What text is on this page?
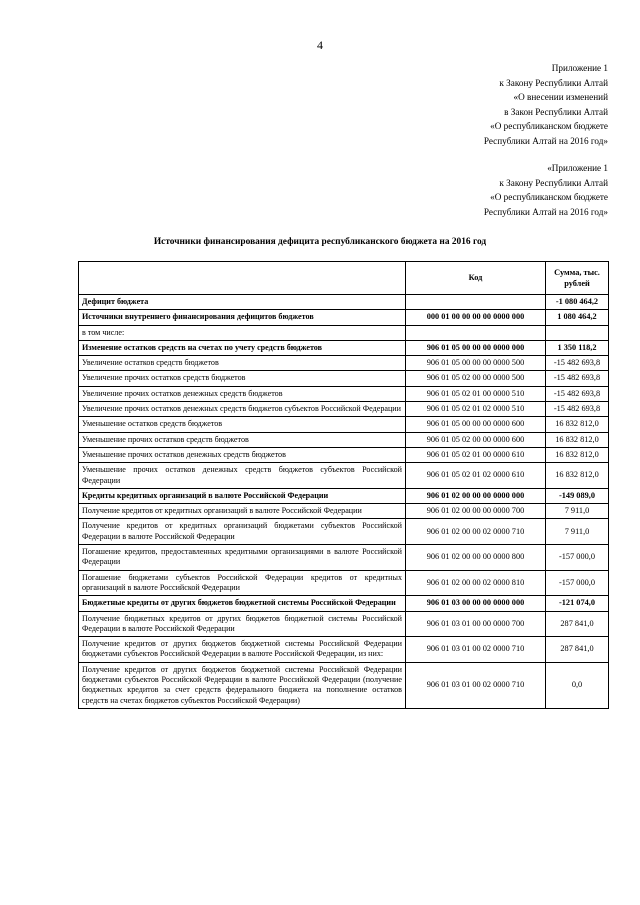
4
Приложение 1
к Закону Республики Алтай
«О внесении изменений
в Закон Республики Алтай
«О республиканском бюджете
Республики Алтай на 2016 год»
«Приложение 1
к Закону Республики Алтай
«О республиканском бюджете
Республики Алтай на 2016 год»
Источники финансирования дефицита республиканского бюджета на 2016 год
	Код	Сумма, тыс. рублей
Дефицит бюджета		-1 080 464,2
Источники внутреннего финансирования дефицитов бюджетов	000 01 00 00 00 00 0000 000	1 080 464,2
в том числе:		
Изменение остатков средств на счетах по учету средств бюджетов	906 01 05 00 00 00 0000 000	1 350 118,2
Увеличение остатков средств бюджетов	906 01 05 00 00 00 0000 500	-15 482 693,8
Увеличение прочих остатков средств бюджетов	906 01 05 02 00 00 0000 500	-15 482 693,8
Увеличение прочих остатков денежных средств бюджетов	906 01 05 02 01 00 0000 510	-15 482 693,8
Увеличение прочих остатков денежных средств бюджетов субъектов Российской Федерации	906 01 05 02 01 02 0000 510	-15 482 693,8
Уменьшение остатков средств бюджетов	906 01 05 00 00 00 0000 600	16 832 812,0
Уменьшение прочих остатков средств бюджетов	906 01 05 02 00 00 0000 600	16 832 812,0
Уменьшение прочих остатков денежных средств бюджетов	906 01 05 02 01 00 0000 610	16 832 812,0
Уменьшение прочих остатков денежных средств бюджетов субъектов Российской Федерации	906 01 05 02 01 02 0000 610	16 832 812,0
Кредиты кредитных организаций в валюте Российской Федерации	906 01 02 00 00 00 0000 000	-149 089,0
Получение кредитов от кредитных организаций в валюте Российской Федерации	906 01 02 00 00 00 0000 700	7 911,0
Получение кредитов от кредитных организаций бюджетами субъектов Российской Федерации в валюте Российской Федерации	906 01 02 00 00 02 0000 710	7 911,0
Погашение кредитов, предоставленных кредитными организациями в валюте Российской Федерации	906 01 02 00 00 00 0000 800	-157 000,0
Погашение бюджетами субъектов Российской Федерации кредитов от кредитных организаций в валюте Российской Федерации	906 01 02 00 00 02 0000 810	-157 000,0
Бюджетные кредиты от других бюджетов бюджетной системы Российской Федерации	906 01 03 00 00 00 0000 000	-121 074,0
Получение бюджетных кредитов от других бюджетов бюджетной системы Российской Федерации в валюте Российской Федерации	906 01 03 01 00 00 0000 700	287 841,0
Получение кредитов от других бюджетов бюджетной системы Российской Федерации бюджетами субъектов Российской Федерации в валюте Российской Федерации, из них:	906 01 03 01 00 02 0000 710	287 841,0
Получение кредитов от других бюджетов бюджетной системы Российской Федерации бюджетами субъектов Российской Федерации в валюте Российской Федерации (получение бюджетных кредитов за счет средств федерального бюджета на пополнение остатков средств на счетах бюджетов субъектов Российской Федерации)	906 01 03 01 00 02 0000 710	0,0
